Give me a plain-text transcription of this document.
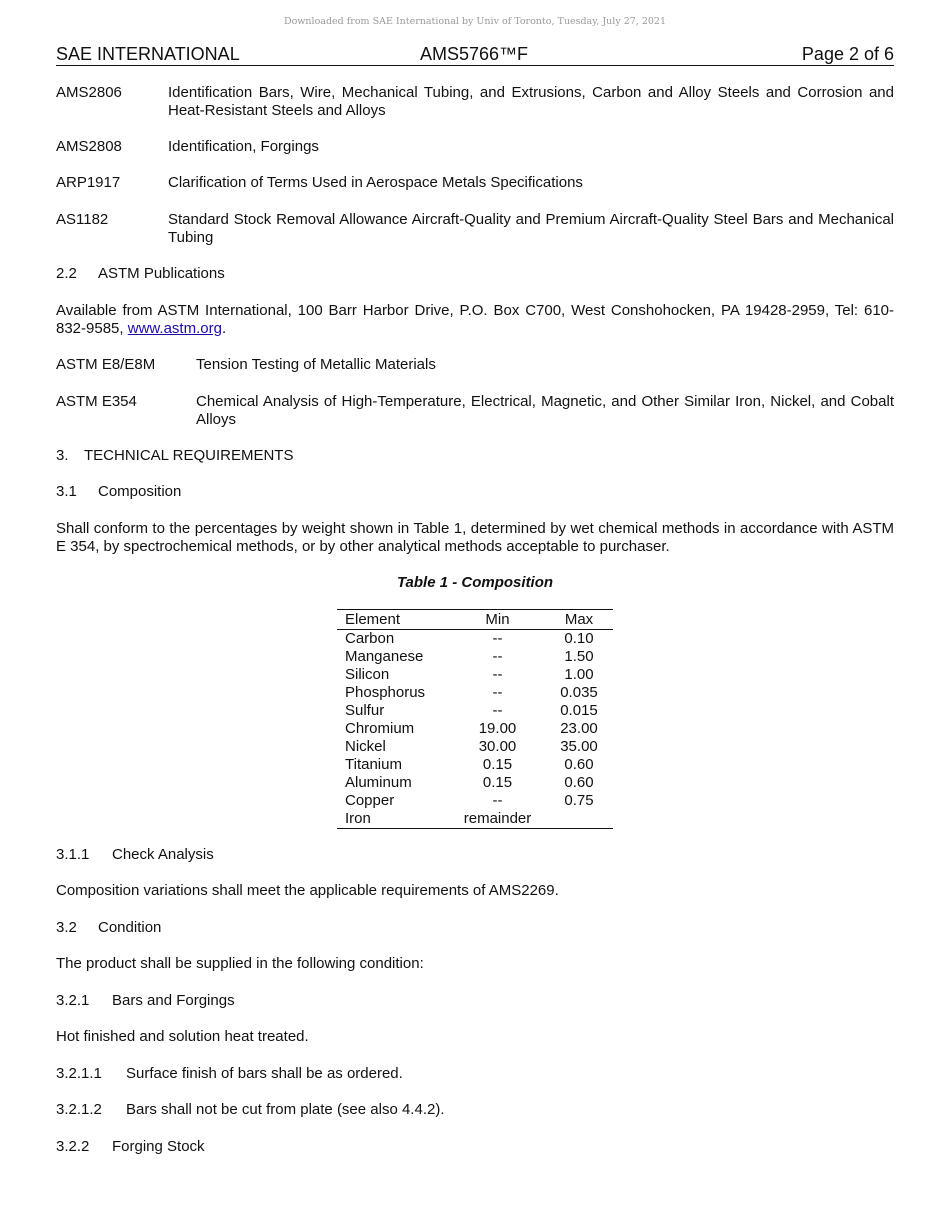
Downloaded from SAE International by Univ of Toronto, Tuesday, July 27, 2021
SAE INTERNATIONAL	AMS5766™F	Page 2 of 6
AMS2806	Identification Bars, Wire, Mechanical Tubing, and Extrusions, Carbon and Alloy Steels and Corrosion and Heat-Resistant Steels and Alloys
AMS2808	Identification, Forgings
ARP1917	Clarification of Terms Used in Aerospace Metals Specifications
AS1182	Standard Stock Removal Allowance Aircraft-Quality and Premium Aircraft-Quality Steel Bars and Mechanical Tubing
2.2 ASTM Publications
Available from ASTM International, 100 Barr Harbor Drive, P.O. Box C700, West Conshohocken, PA 19428-2959, Tel: 610-832-9585, www.astm.org.
ASTM E8/E8M	Tension Testing of Metallic Materials
ASTM E354	Chemical Analysis of High-Temperature, Electrical, Magnetic, and Other Similar Iron, Nickel, and Cobalt Alloys
3. TECHNICAL REQUIREMENTS
3.1 Composition
Shall conform to the percentages by weight shown in Table 1, determined by wet chemical methods in accordance with ASTM E 354, by spectrochemical methods, or by other analytical methods acceptable to purchaser.
Table 1 - Composition
Element	Min	Max
Carbon	--	0.10
Manganese	--	1.50
Silicon	--	1.00
Phosphorus	--	0.035
Sulfur	--	0.015
Chromium	19.00	23.00
Nickel	30.00	35.00
Titanium	0.15	0.60
Aluminum	0.15	0.60
Copper	--	0.75
Iron	remainder	
3.1.1 Check Analysis
Composition variations shall meet the applicable requirements of AMS2269.
3.2 Condition
The product shall be supplied in the following condition:
3.2.1 Bars and Forgings
Hot finished and solution heat treated.
3.2.1.1 Surface finish of bars shall be as ordered.
3.2.1.2 Bars shall not be cut from plate (see also 4.4.2).
3.2.2 Forging Stock
